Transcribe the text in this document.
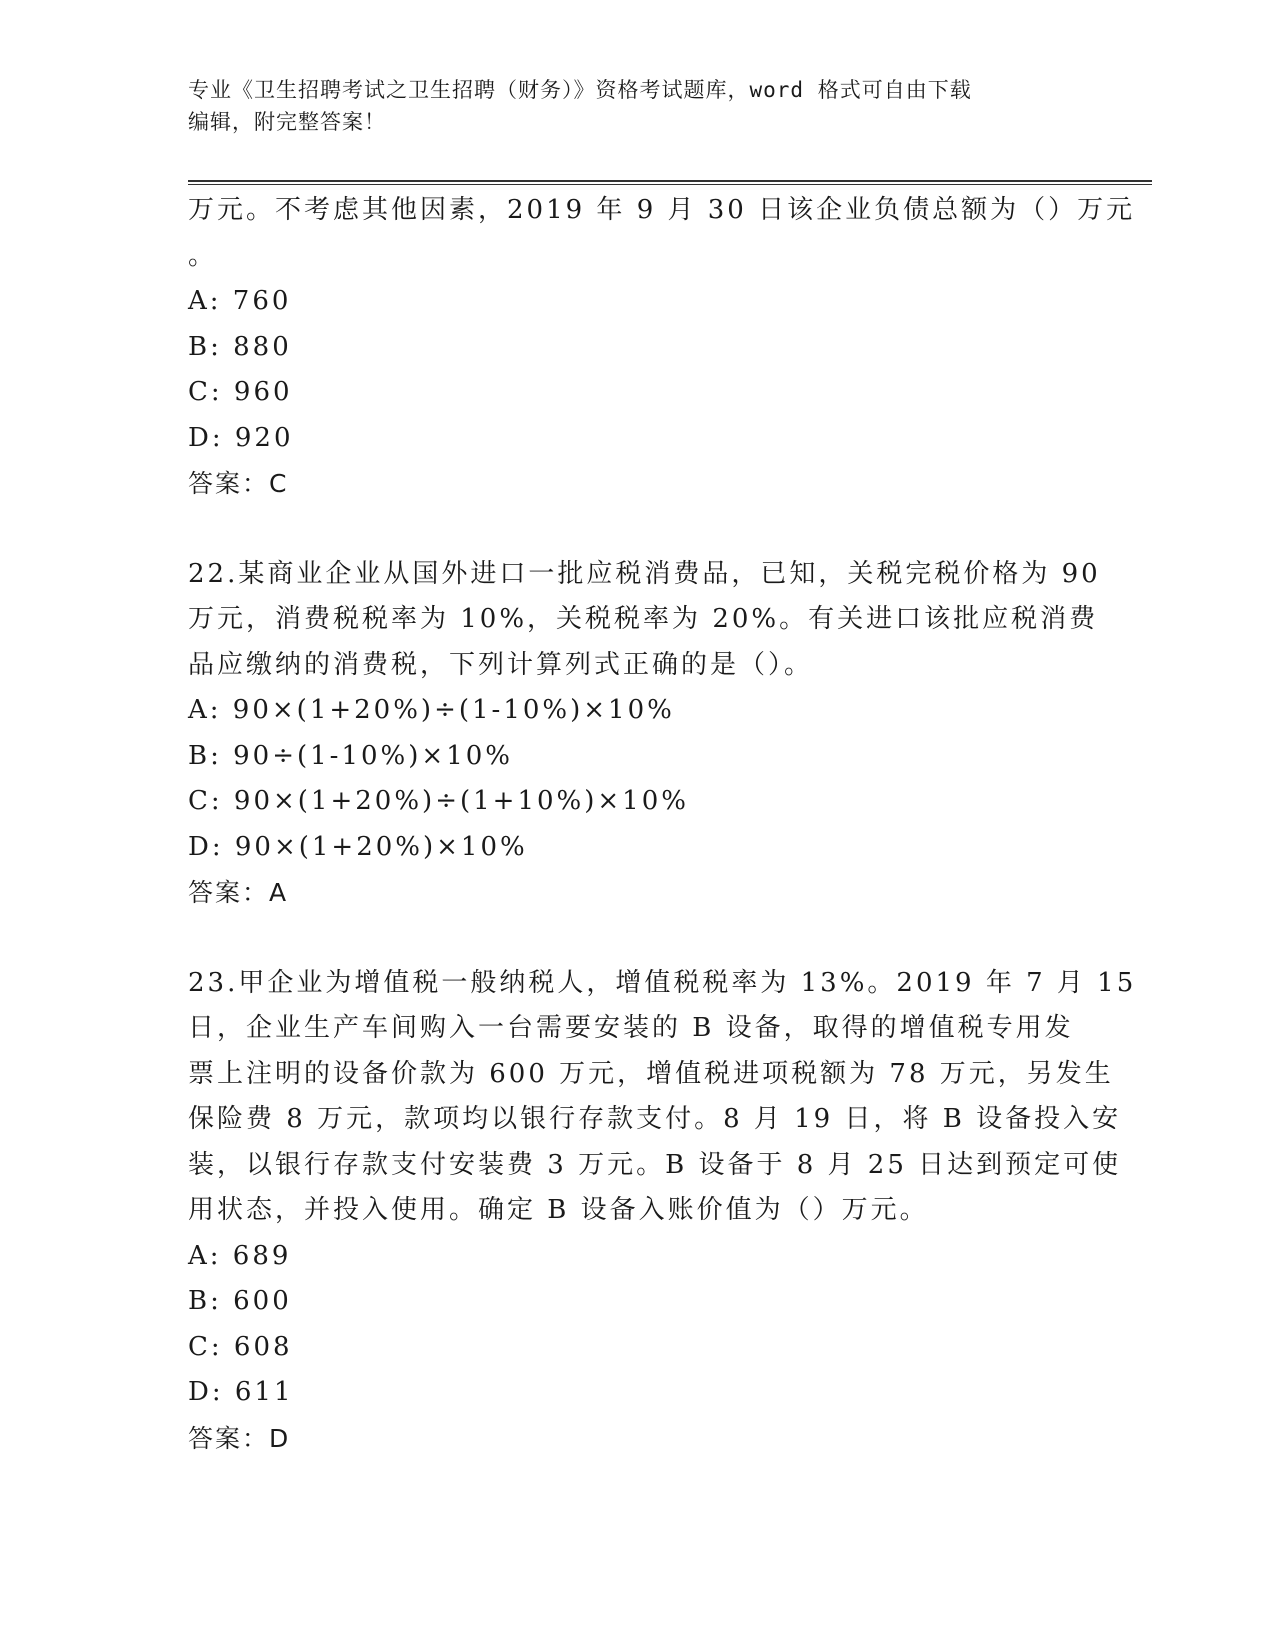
专业《卫生招聘考试之卫生招聘（财务）》资格考试题库，word 格式可自由下载
编辑，附完整答案！
万元。不考虑其他因素，2019 年 9 月 30 日该企业负债总额为（）万元
。
A: 760
B: 880
C: 960
D: 920
答案：C
22.某商业企业从国外进口一批应税消费品，已知，关税完税价格为 90
万元，消费税税率为 10%，关税税率为 20%。有关进口该批应税消费
品应缴纳的消费税，下列计算列式正确的是（）。
A: 90×(1+20%)÷(1-10%)×10%
B: 90÷(1-10%)×10%
C: 90×(1+20%)÷(1+10%)×10%
D: 90×(1+20%)×10%
答案：A
23.甲企业为增值税一般纳税人，增值税税率为 13%。2019 年 7 月 15
日，企业生产车间购入一台需要安装的 B 设备，取得的增值税专用发
票上注明的设备价款为 600 万元，增值税进项税额为 78 万元，另发生
保险费 8 万元，款项均以银行存款支付。8 月 19 日，将 B 设备投入安
装，以银行存款支付安装费 3 万元。B 设备于 8 月 25 日达到预定可使
用状态，并投入使用。确定 B 设备入账价值为（）万元。
A: 689
B: 600
C: 608
D: 611
答案：D
